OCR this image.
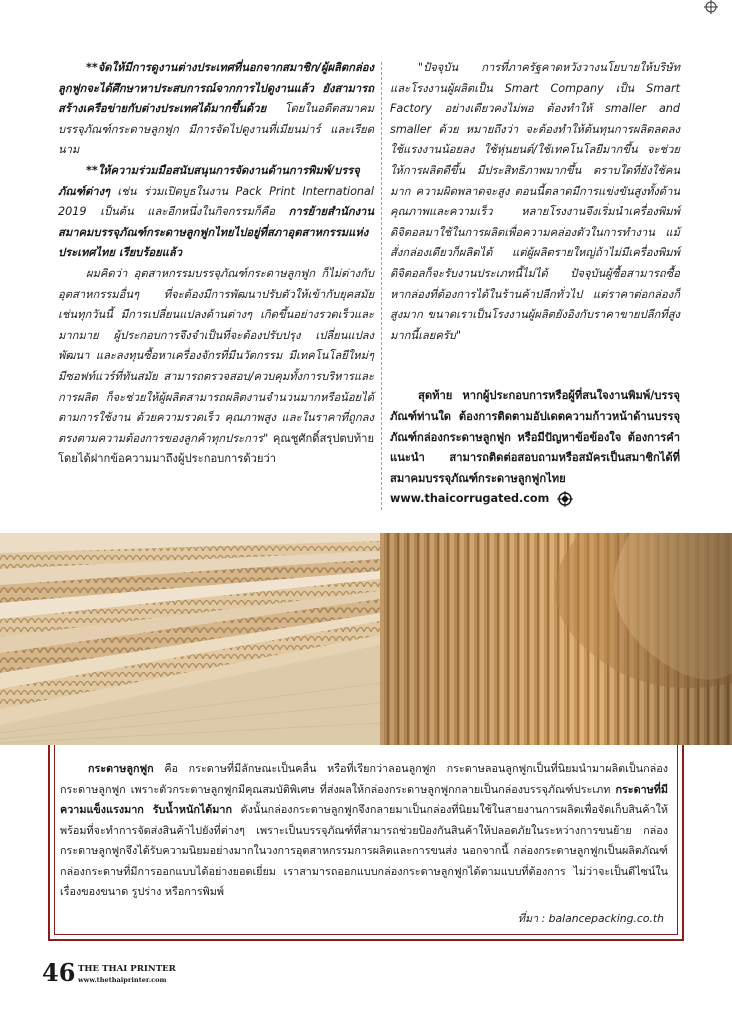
**จัดให้มีการดูงานต่างประเทศที่นอกจากสมาชิก/ผู้ผลิตกล่องลูกฟูกจะได้ศึกษาหาประสบการณ์จากการไปดูงานแล้ว ยังสามารถสร้างเครือข่ายกับต่างประเทศได้มากขึ้นด้วย โดยในอดีตสมาคมบรรจุภัณฑ์กระดาษลูกฟูก มีการจัดไปดูงานที่เมียนม่าร์ และเรียดนาม

**ให้ความร่วมมือสนับสนุนการจัดงานด้านการพิมพ์/บรรจุภัณฑ์ต่างๆ เช่น ร่วมเปิดบูธในงาน Pack Print International 2019 เป็นต้น และอีกหนึ่งในกิจกรรมก็คือ การย้ายสำนักงานสมาคมบรรจุภัณฑ์กระดาษลูกฟูกไทยไปอยู่ที่สภาอุตสาหกรรมแห่งประเทศไทย เรียบร้อยแล้ว

ผมคิดว่า อุตสาหกรรมบรรจุภัณฑ์กระดาษลูกฟูก ก็ไม่ต่างกับอุตสาหกรรมอื่นๆ ที่จะต้องมีการพัฒนาปรับตัวให้เข้ากับยุคสมัย เช่นทุกวันนี้ มีการเปลี่ยนแปลงด้านต่างๆ เกิดขึ้นอย่างรวดเร็วและมากมาย ผู้ประกอบการจึงจำเป็นที่จะต้องปรับปรุง เปลี่ยนแปลง พัฒนา และลงทุนซื้อหาเครื่องจักรที่มีนวัตกรรม มีเทคโนโลยีใหม่ๆ มีซอฟท์แวร์ที่ทันสมัย สามารถตรวจสอบ/ควบคุมทั้งการบริหารและการผลิต ก็จะช่วยให้ผู้ผลิตสามารถผลิตงานจำนวนมากหรือน้อยได้ตามการใช้งาน ด้วยความรวดเร็ว คุณภาพสูง และในราคาที่ถูกลง ตรงตามความต้องการของลูกค้าทุกประการ" คุณชูศักดิ์สรุปตบท้าย โดยได้ฝากข้อความมาถึงผู้ประกอบการด้วยว่า

"ปัจจุบัน การที่ภาครัฐคาดหวังวางนโยบายให้บริษัท และโรงงานผู้ผลิตเป็น Smart Company เป็น Smart Factory อย่างเดียวคงไม่พอ ต้องทำให้ smaller and smaller ด้วย หมายถึงว่า จะต้องทำให้ต้นทุนการผลิตลดลง ใช้แรงงานน้อยลง ใช้หุ่นยนต์/ใช้เทคโนโลยีมากขึ้น จะช่วยให้การผลิตดีขึ้น มีประสิทธิภาพมากขึ้น ตราบใดที่ยังใช้คนมาก ความผิดพลาดจะสูง ตอนนี้ตลาดมีการแข่งขันสูงทั้งด้านคุณภาพและความเร็ว หลายโรงงานจึงเริ่มนำเครื่องพิมพ์ดิจิตอลมาใช้ในการผลิตเพื่อความคล่องตัวในการทำงาน แม้สั่งกล่องเดียวก็ผลิตได้ แต่ผู้ผลิตรายใหญ่ถ้าไม่มีเครื่องพิมพ์ดิจิตอลก็จะรับงานประเภทนี้ไม่ได้ ปัจจุบันผู้ซื้อสามารถซื้อหากล่องที่ต้องการได้ในร้านค้าปลีกทั่วไป แต่ราคาต่อกล่องก็สูงมาก ขนาดเราเป็นโรงงานผู้ผลิตยังอิงกับราคาขายปลีกที่สูงมากนี้เลยครับ"

สุดท้าย หากผู้ประกอบการหรือผู้ที่สนใจงานพิมพ์/บรรจุภัณฑ์ท่านใด ต้องการติดตามอัปเดตความก้าวหน้าด้านบรรจุภัณฑ์กล่องกระดาษลูกฟูก หรือมีปัญหาข้อข้องใจ ต้องการคำแนะนำ สามารถติดต่อสอบถามหรือสมัครเป็นสมาชิกได้ที่ สมาคมบรรจุภัณฑ์กระดาษลูกฟูกไทย www.thaicorrugated.com

กระดาษลูกฟูก คือ กระดาษที่มีลักษณะเป็นคลื่น หรือที่เรียกว่าลอนลูกฟูก กระดาษลอนลูกฟูกเป็นที่นิยมนำมาผลิตเป็นกล่องกระดาษลูกฟูก เพราะตัวกระดาษลูกฟูกมีคุณสมบัติพิเศษ ที่ส่งผลให้กล่องกระดาษลูกฟูกกลายเป็นกล่องบรรจุภัณฑ์ประเภท กระดาษที่มีความแข็งแรงมาก รับน้ำหนักได้มาก ดังนั้นกล่องกระดาษลูกฟูกจึงกลายมาเป็นกล่องที่นิยมใช้ในสายงานการผลิตเพื่อจัดเก็บสินค้าให้พร้อมที่จะทำการจัดส่งสินค้าไปยังที่ต่างๆ เพราะเป็นบรรจุภัณฑ์ที่สามารถช่วยป้องกันสินค้าให้ปลอดภัยในระหว่างการขนย้าย กล่องกระดาษลูกฟูกจึงได้รับความนิยมอย่างมากในวงการอุตสาหกรรมการผลิตและการขนส่ง นอกจากนี้ กล่องกระดาษลูกฟูกเป็นผลิตภัณฑ์กล่องกระดาษที่มีการออกแบบได้อย่างยอดเยี่ยม เราสามารถออกแบบกล่องกระดาษลูกฟูกได้ตามแบบที่ต้องการ ไม่ว่าจะเป็นดีไซน์ในเรื่องของขนาด รูปร่าง หรือการพิมพ์

ที่มา : balancepacking.co.th
46 THE THAI PRINTER
www.thethaiprinter.com
